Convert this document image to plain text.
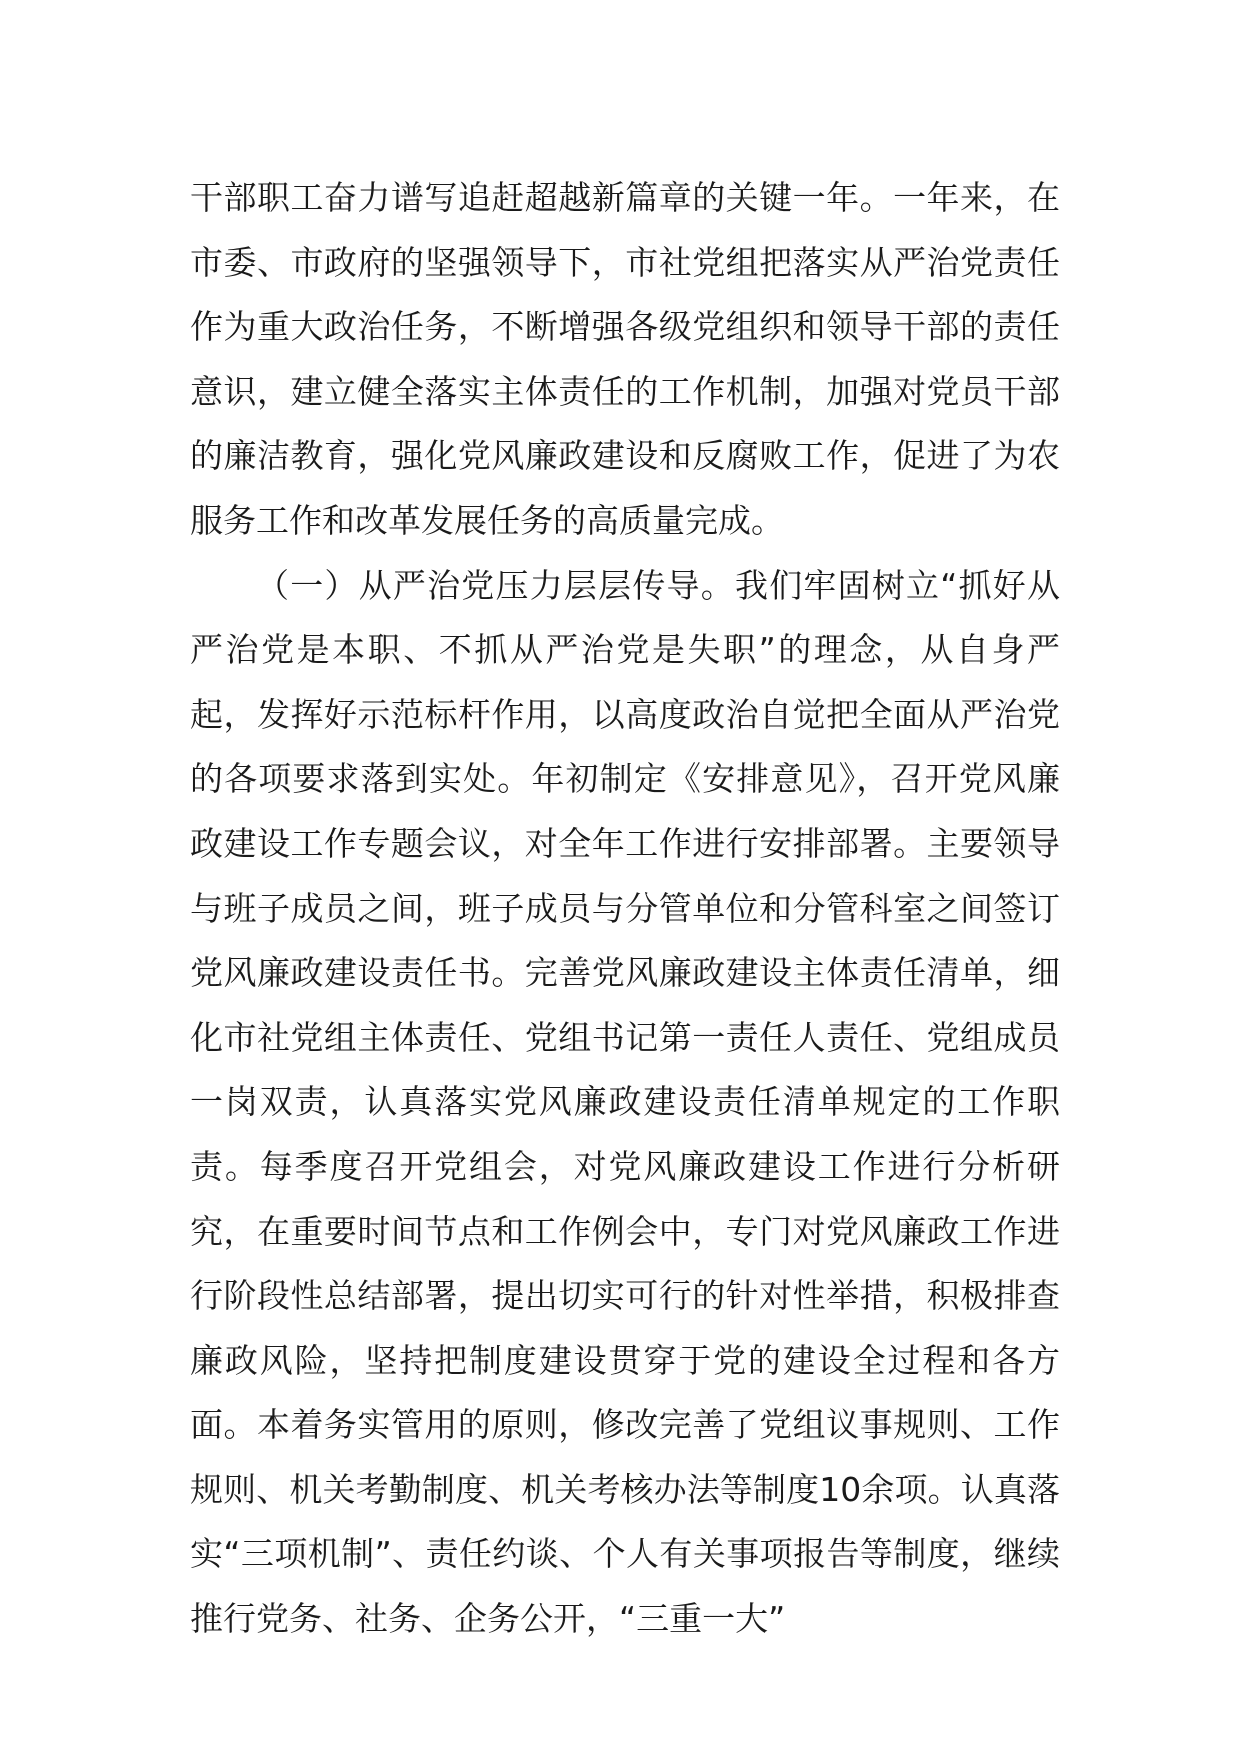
干部职工奋力谱写追赶超越新篇章的关键一年。一年来，在市委、市政府的坚强领导下，市社党组把落实从严治党责任作为重大政治任务，不断增强各级党组织和领导干部的责任意识，建立健全落实主体责任的工作机制，加强对党员干部的廉洁教育，强化党风廉政建设和反腐败工作，促进了为农服务工作和改革发展任务的高质量完成。

（一）从严治党压力层层传导。我们牢固树立“抓好从严治党是本职、不抓从严治党是失职”的理念，从自身严起，发挥好示范标杆作用，以高度政治自觉把全面从严治党的各项要求落到实处。年初制定《安排意见》，召开党风廉政建设工作专题会议，对全年工作进行安排部署。主要领导与班子成员之间，班子成员与分管单位和分管科室之间签订党风廉政建设责任书。完善党风廉政建设主体责任清单，细化市社党组主体责任、党组书记第一责任人责任、党组成员一岗双责，认真落实党风廉政建设责任清单规定的工作职责。每季度召开党组会，对党风廉政建设工作进行分析研究，在重要时间节点和工作例会中，专门对党风廉政工作进行阶段性总结部署，提出切实可行的针对性举措，积极排查廉政风险，坚持把制度建设贯穿于党的建设全过程和各方面。本着务实管用的原则，修改完善了党组议事规则、工作规则、机关考勤制度、机关考核办法等制度10余项。认真落实“三项机制”、责任约谈、个人有关事项报告等制度，继续推行党务、社务、企务公开，“三重一大”
